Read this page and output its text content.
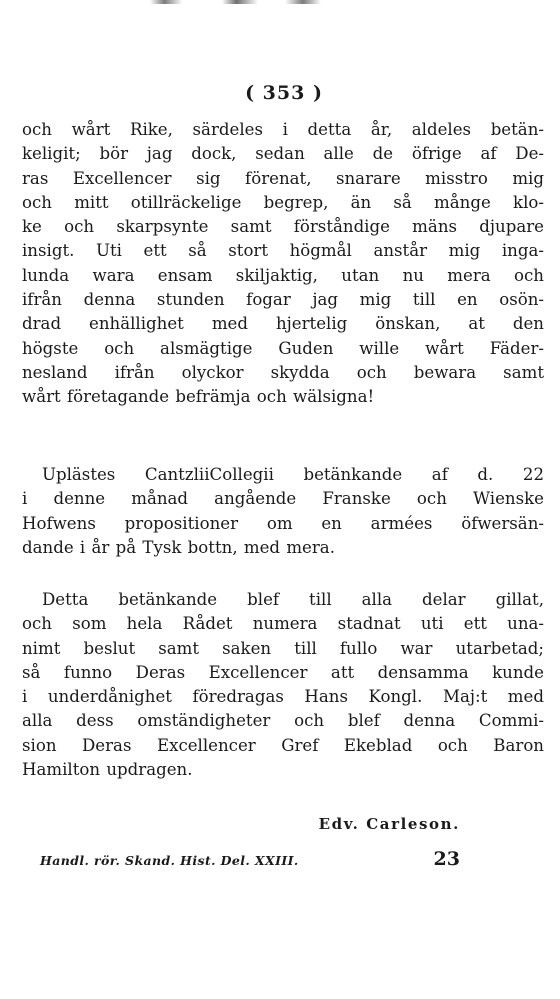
( 353 )
och wårt Rike, särdeles i detta år, aldeles betän-
keligit; bör jag dock, sedan alle de öfrige af De-
ras Excellencer sig förenat, snarare misstro mig
och mitt otillräckelige begrep, än så månge klo-
ke och skarpsynte samt förståndige mäns djupare
insigt. Uti ett så stort högmål anstår mig inga-
lunda wara ensam skiljaktig, utan nu mera och
ifrån denna stunden fogar jag mig till en osön-
drad enhällighet med hjertelig önskan, at den
högste och alsmägtige Guden wille wårt Fäder-
nesland ifrån olyckor skydda och bewara samt
wårt företagande befrämja och wälsigna!
Uplästes CantzliiCollegii betänkande af d. 22
i denne månad angående Franske och Wienske
Hofwens propositioner om en armées öfwersän-
dande i år på Tysk bottn, med mera.
Detta betänkande blef till alla delar gillat,
och som hela Rådet numera stadnat uti ett una-
nimt beslut samt saken till fullo war utarbetad;
så funno Deras Excellencer att densamma kunde
i underdånighet föredragas Hans Kongl. Maj:t med
alla dess omständigheter och blef denna Commi-
sion Deras Excellencer Gref Ekeblad och Baron
Hamilton updragen.
Edv. Carleson.
Handl. rör. Skand. Hist. Del. XXIII.	23
